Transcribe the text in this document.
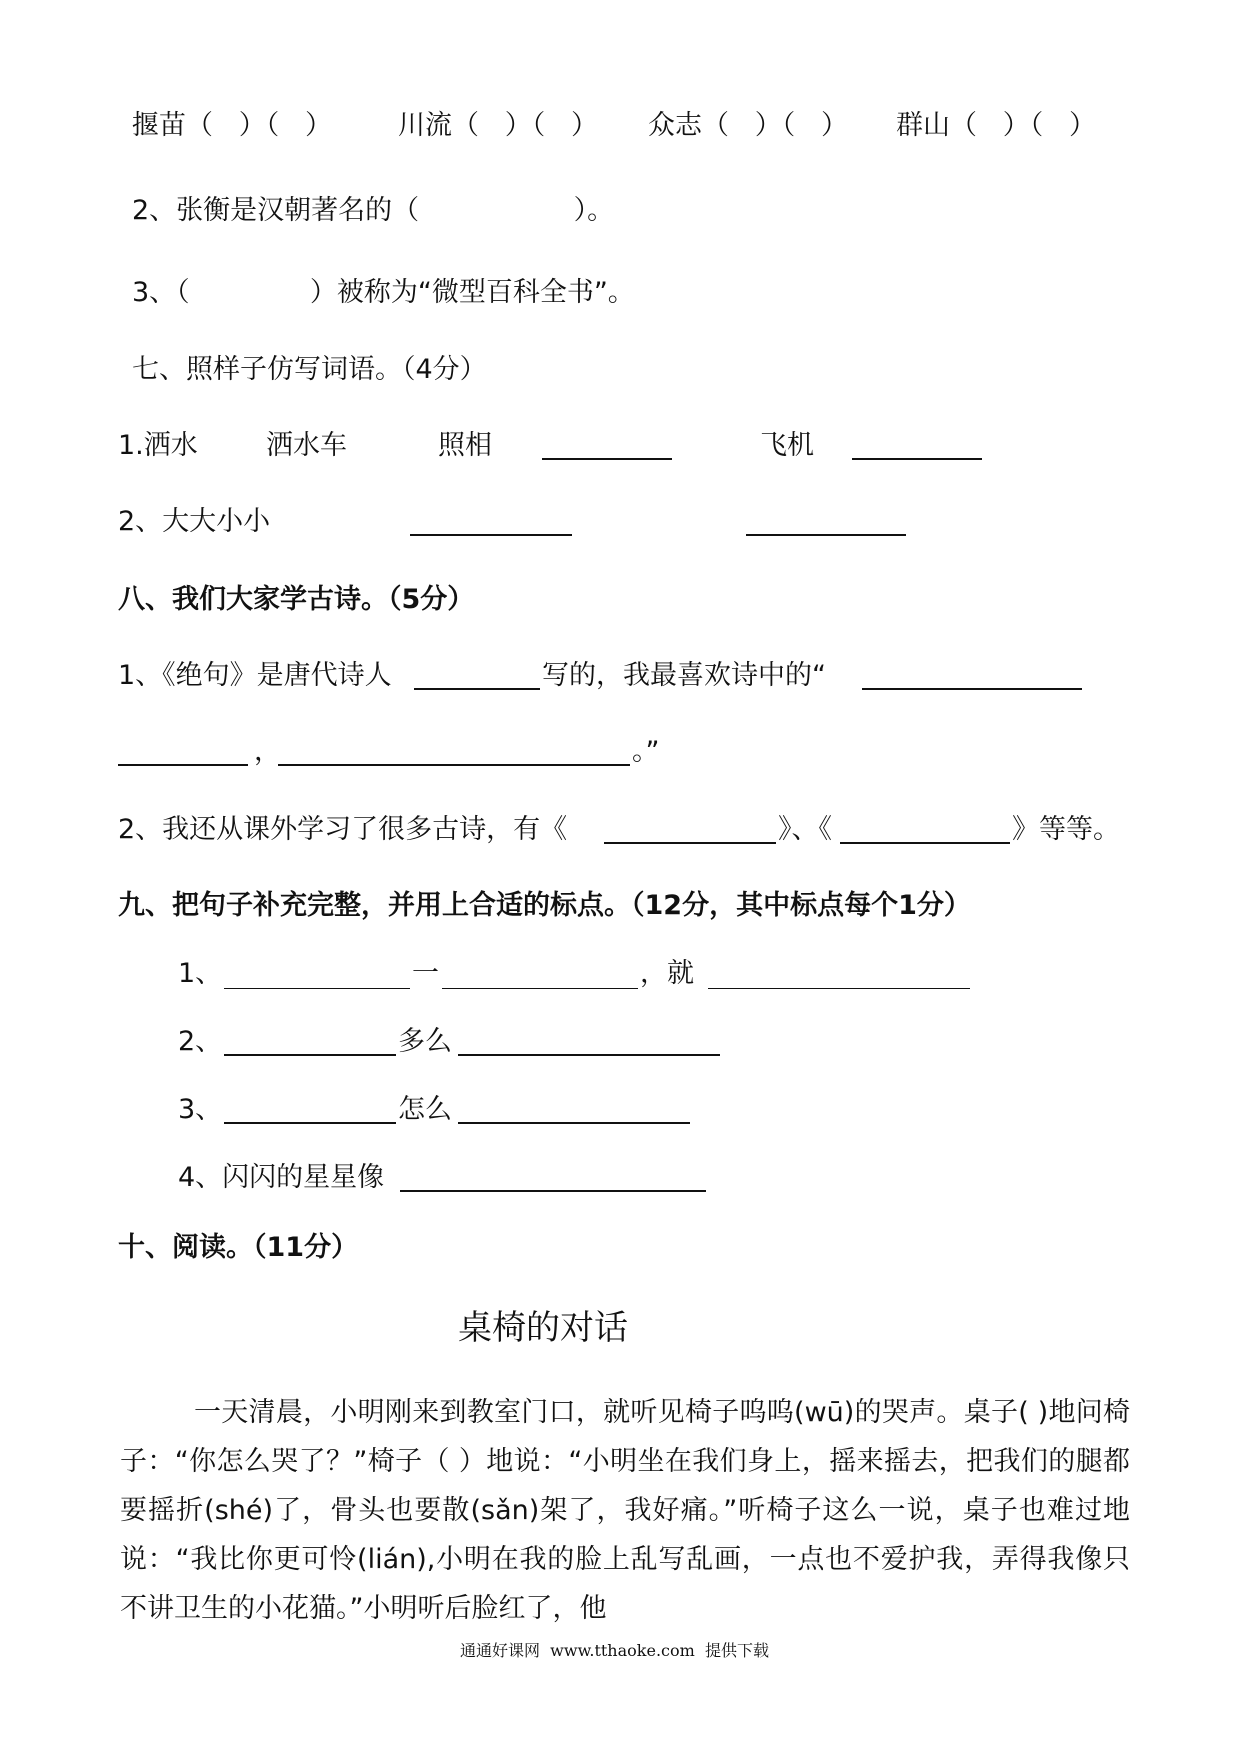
揠苗（   ）（   ） 川流（   ）（   ） 众志（   ）（   ） 群山（   ）（   ）
2、张衡是汉朝著名的（                  ）。
3、（              ）被称为“微型百科全书”。
七、照样子仿写词语。（4分）
1.洒水	洒水车	照相	飞机
2、大大小小
八、我们大家学古诗。（5分）
1、《绝句》是唐代诗人	写的，我最喜欢诗中的“
，	。”
2、我还从课外学习了很多古诗，有《	》、《	》等等。
九、把句子补充完整，并用上合适的标点。（12分，其中标点每个1分）
1、	一	，就
2、	多么
3、	怎么
4、闪闪的星星像
十、阅读。（11分）
桌椅的对话
一天清晨，小明刚来到教室门口，就听见椅子呜呜(wū)的哭声。桌子( )地问椅子：“你怎么哭了？”椅子（ ）地说：“小明坐在我们身上，摇来摇去，把我们的腿都要摇折(shé)了，骨头也要散(sǎn)架了，我好痛。”听椅子这么一说，桌子也难过地说：“我比你更可怜(lián),小明在我的脸上乱写乱画，一点也不爱护我，弄得我像只不讲卫生的小花猫。”小明听后脸红了，他
通通好课网  www.tthaoke.com  提供下载
